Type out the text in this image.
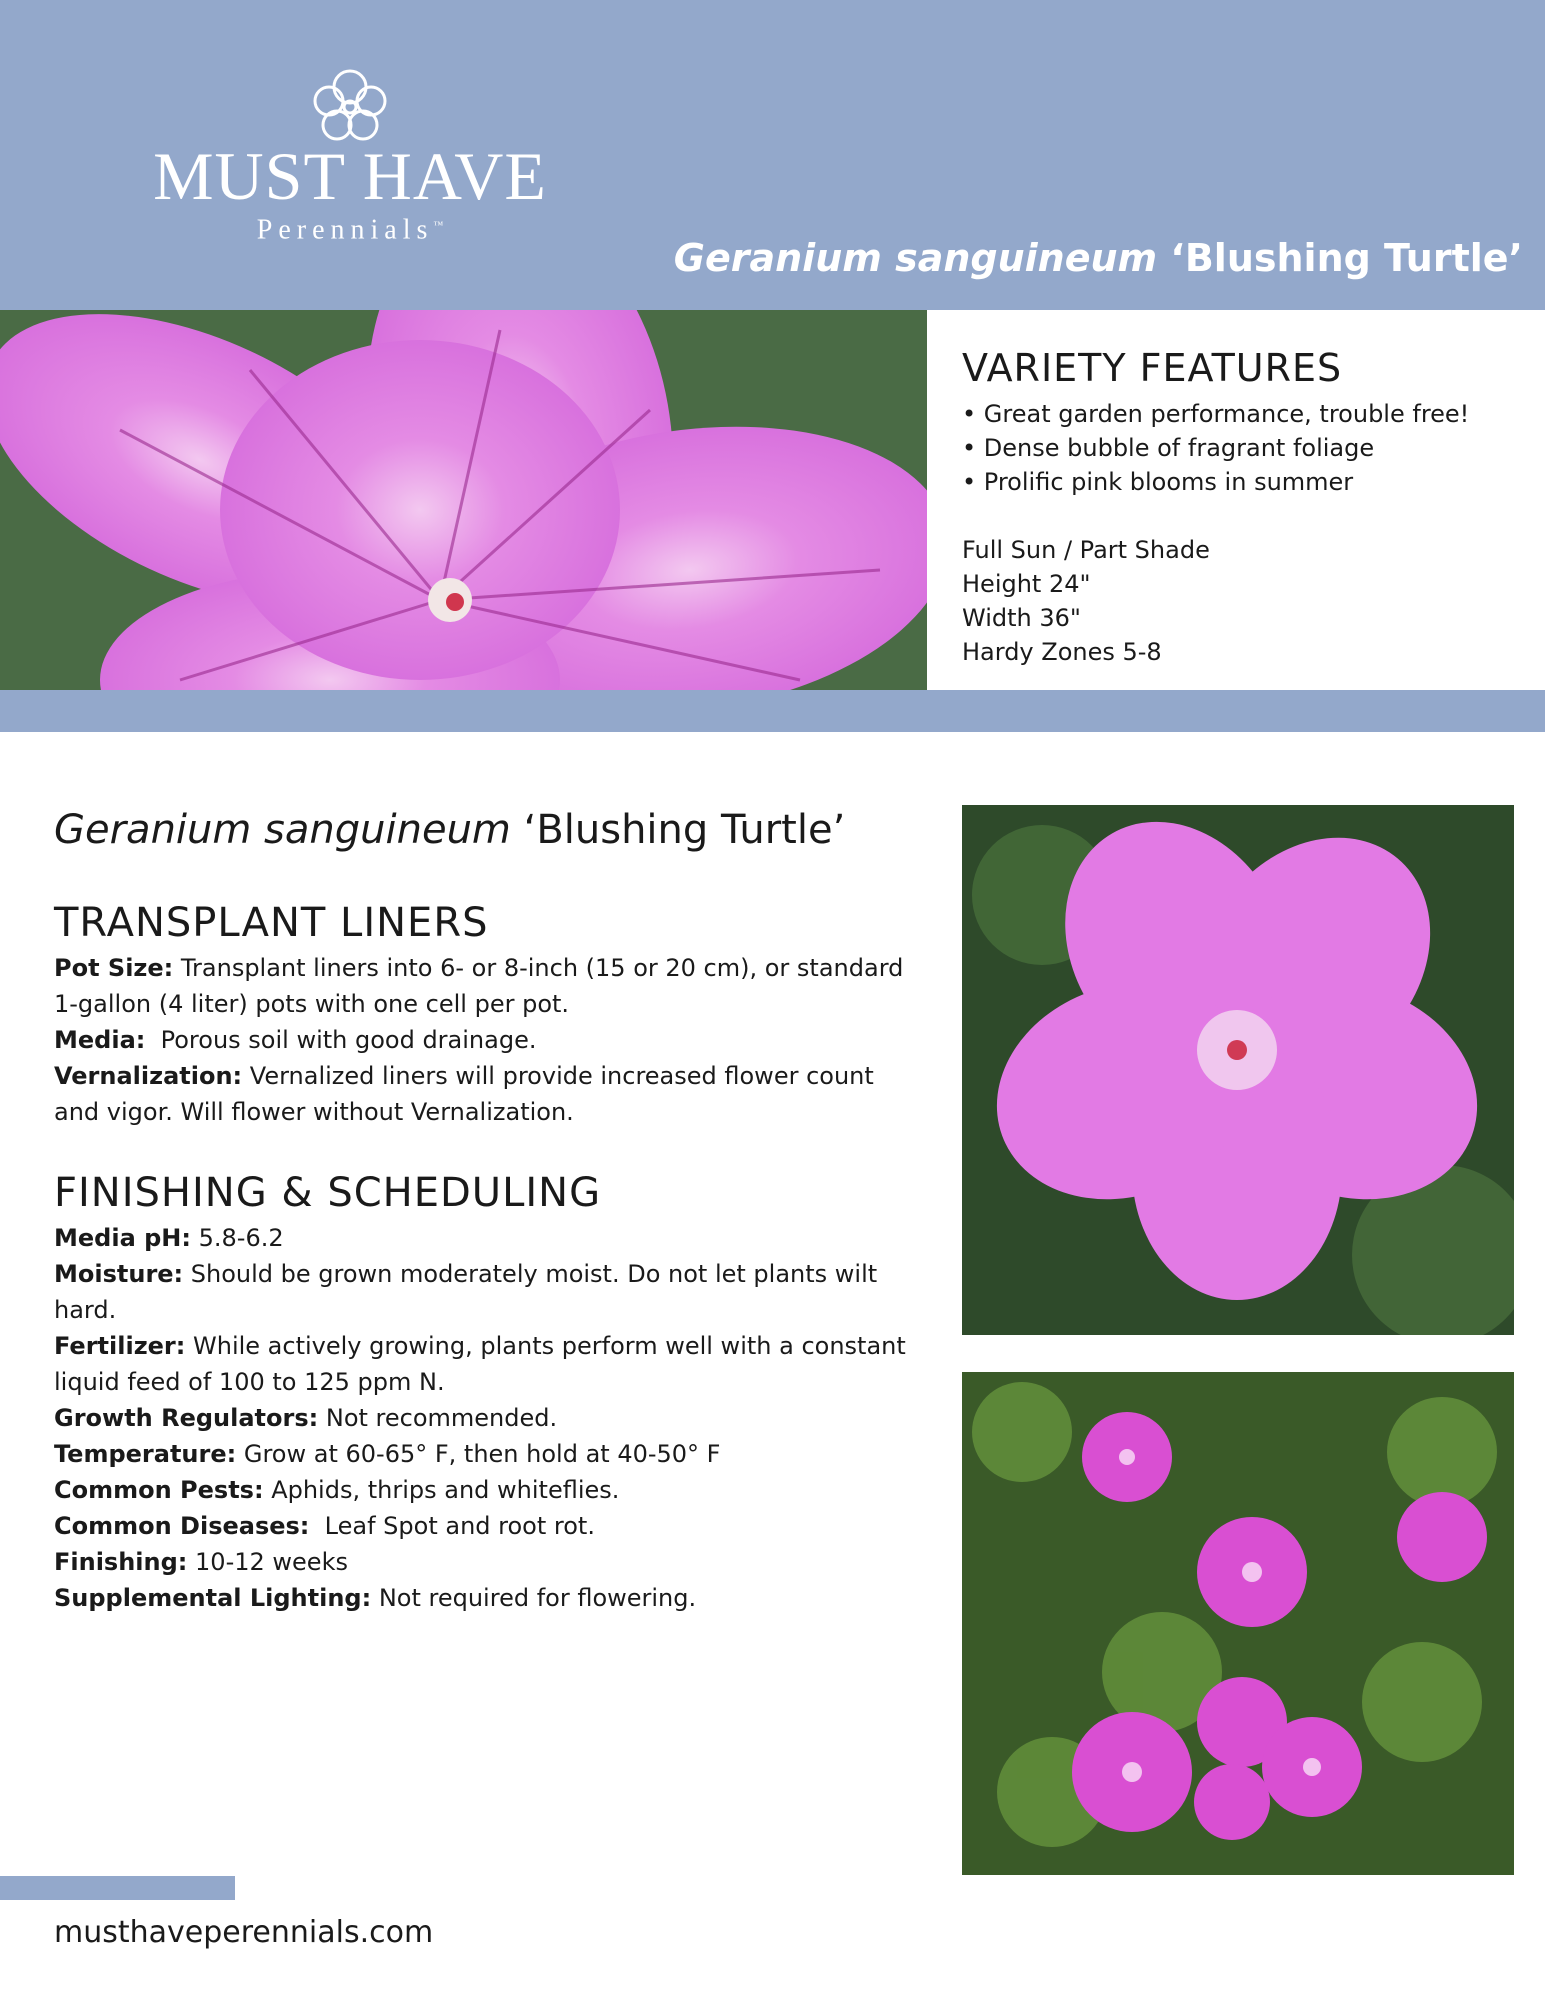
MUST HAVE
Perennials™
Geranium sanguineum ‘Blushing Turtle’
VARIETY FEATURES
• Great garden performance, trouble free!
• Dense bubble of fragrant foliage
• Prolific pink blooms in summer
Full Sun / Part Shade
Height 24"
Width 36"
Hardy Zones 5-8
Geranium sanguineum ‘Blushing Turtle’
TRANSPLANT LINERS

Pot Size: Transplant liners into 6- or 8-inch (15 or 20 cm), or standard 1-gallon (4 liter) pots with one cell per pot.

Media:  Porous soil with good drainage.

Vernalization: Vernalized liners will provide increased flower count and vigor. Will flower without Vernalization.

FINISHING & SCHEDULING

Media pH: 5.8-6.2

Moisture: Should be grown moderately moist. Do not let plants wilt hard.

Fertilizer: While actively growing, plants perform well with a constant liquid feed of 100 to 125 ppm N.

Growth Regulators: Not recommended.

Temperature: Grow at 60-65° F, then hold at 40-50° F

Common Pests: Aphids, thrips and whiteflies.

Common Diseases:  Leaf Spot and root rot.

Finishing: 10-12 weeks

Supplemental Lighting: Not required for flowering.

musthaveperennials.com
